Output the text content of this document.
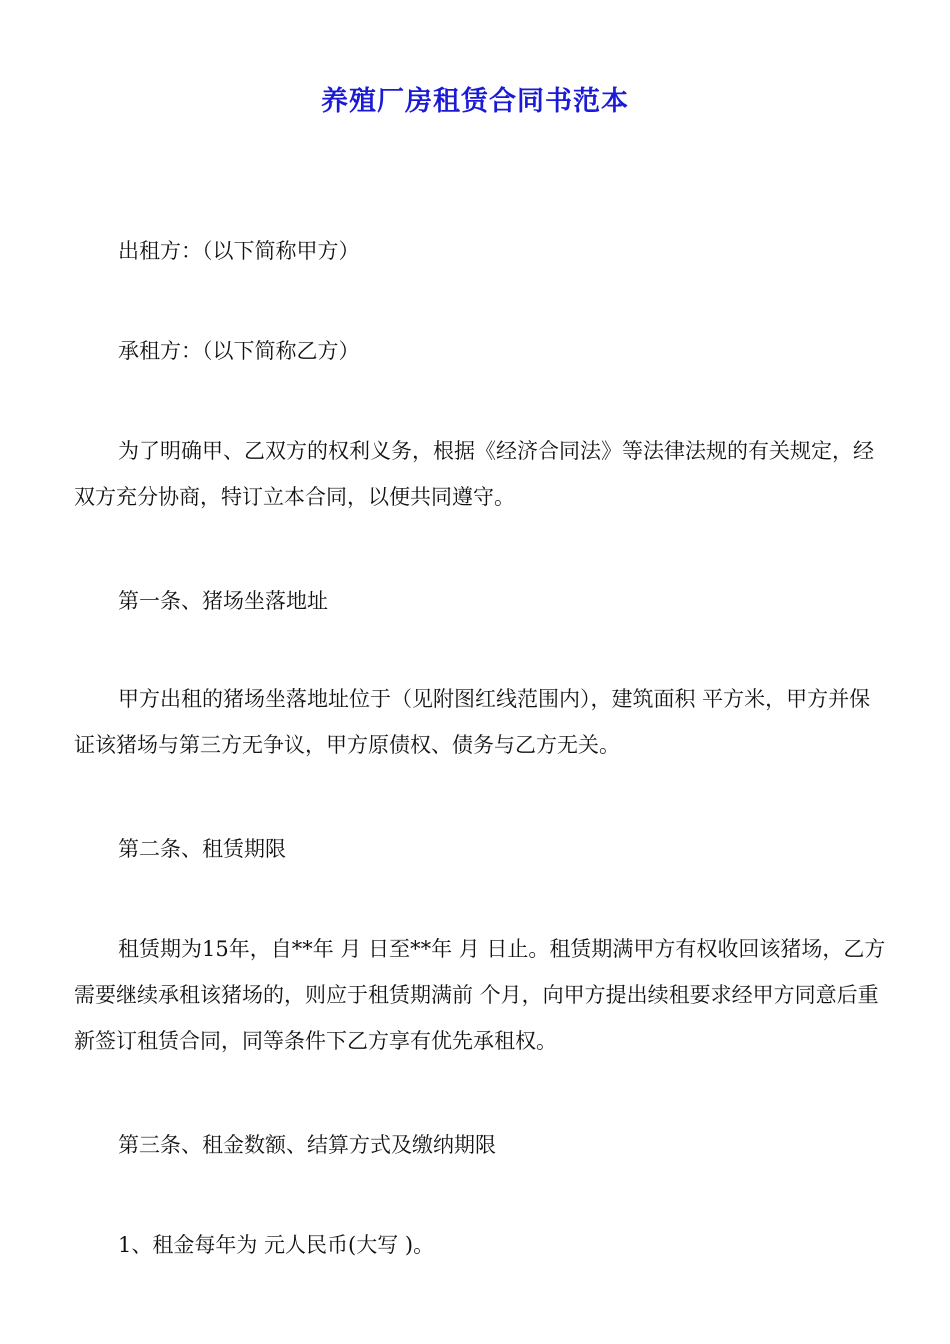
养殖厂房租赁合同书范本

出租方：（以下简称甲方）

承租方：（以下简称乙方）

为了明确甲、乙双方的权利义务，根据《经济合同法》等法律法规的有关规定，经双方充分协商，特订立本合同，以便共同遵守。

第一条、猪场坐落地址

甲方出租的猪场坐落地址位于（见附图红线范围内），建筑面积 平方米，甲方并保证该猪场与第三方无争议，甲方原债权、债务与乙方无关。

第二条、租赁期限

租赁期为15年，自**年 月 日至**年 月 日止。租赁期满甲方有权收回该猪场，乙方需要继续承租该猪场的，则应于租赁期满前 个月，向甲方提出续租要求经甲方同意后重新签订租赁合同，同等条件下乙方享有优先承租权。

第三条、租金数额、结算方式及缴纳期限

1、租金每年为 元人民币(大写 )。
